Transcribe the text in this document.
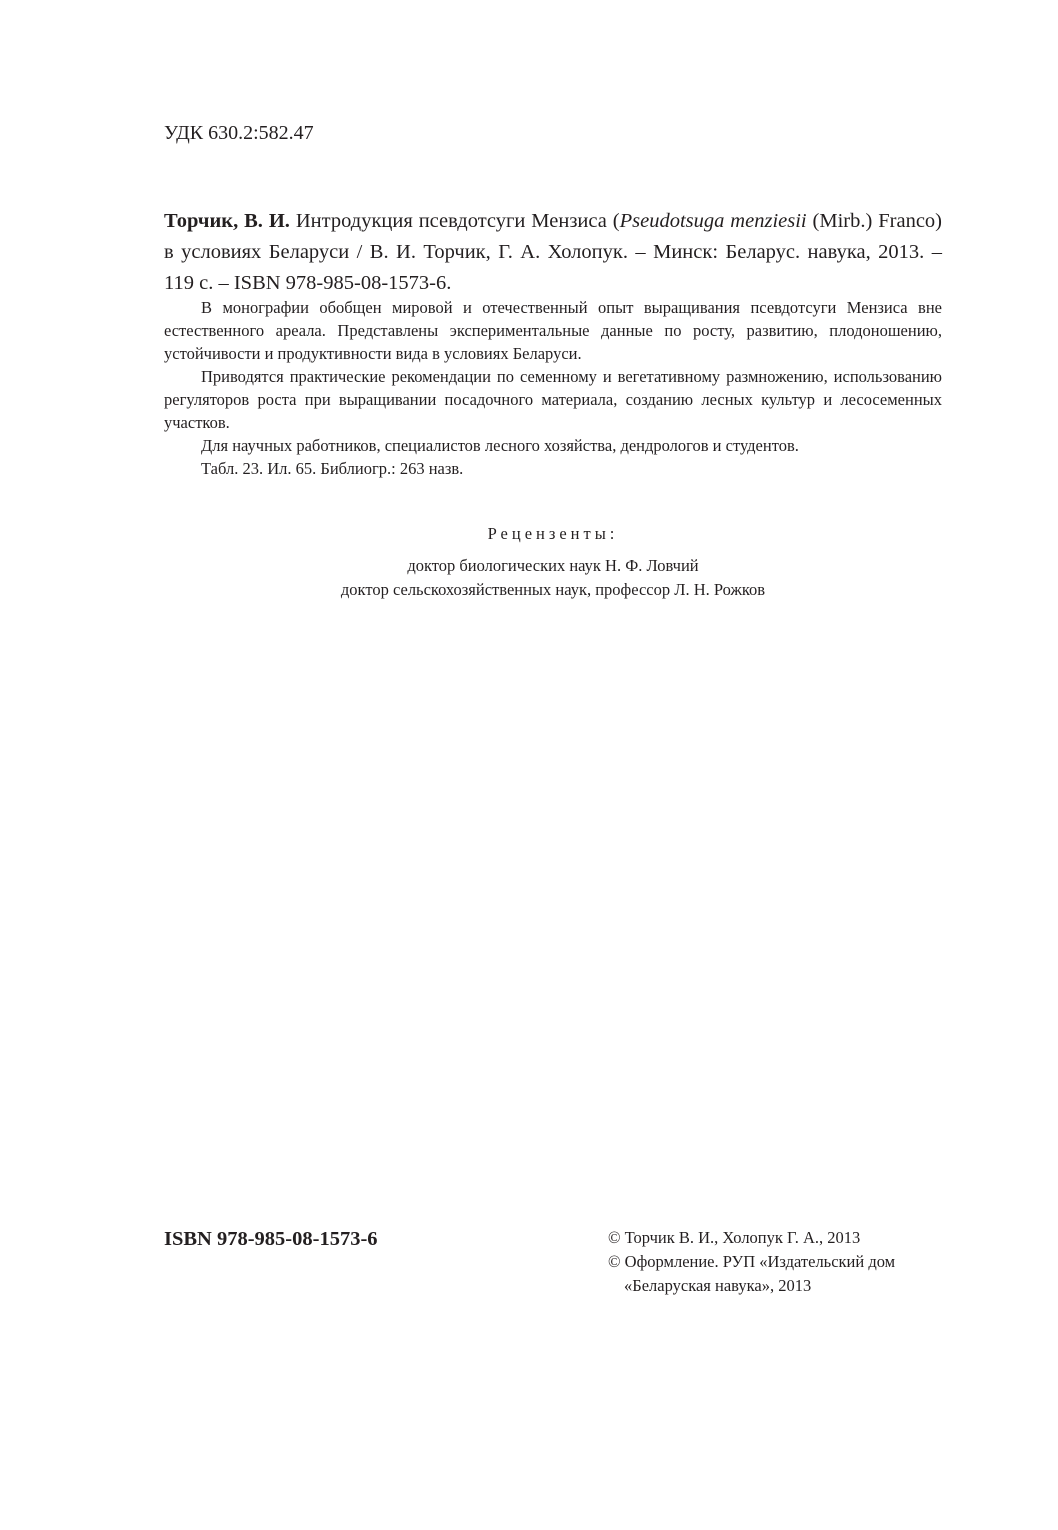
УДК 630.2:582.47
Торчик, В. И. Интродукция псевдотсуги Мензиса (Pseudotsuga menziesii (Mirb.) Franco) в условиях Беларуси / В. И. Торчик, Г. А. Холопук. – Минск: Беларус. навука, 2013. – 119 с. – ISBN 978-985-08-1573-6.

В монографии обобщен мировой и отечественный опыт выращивания псевдотсуги Мензиса вне естественного ареала. Представлены экспериментальные данные по росту, развитию, плодоношению, устойчивости и продуктивности вида в условиях Беларуси.

Приводятся практические рекомендации по семенному и вегетативному размножению, использованию регуляторов роста при выращивании посадочного материала, созданию лесных культур и лесосеменных участков.

Для научных работников, специалистов лесного хозяйства, дендрологов и студентов.

Табл. 23. Ил. 65. Библиогр.: 263 назв.

Рецензенты:
доктор биологических наук Н. Ф. Ловчий
доктор сельскохозяйственных наук, профессор Л. Н. Рожков
ISBN 978-985-08-1573-6	© Торчик В. И., Холопук Г. А., 2013
© Оформление. РУП «Издательский дом
«Беларуская навука», 2013
